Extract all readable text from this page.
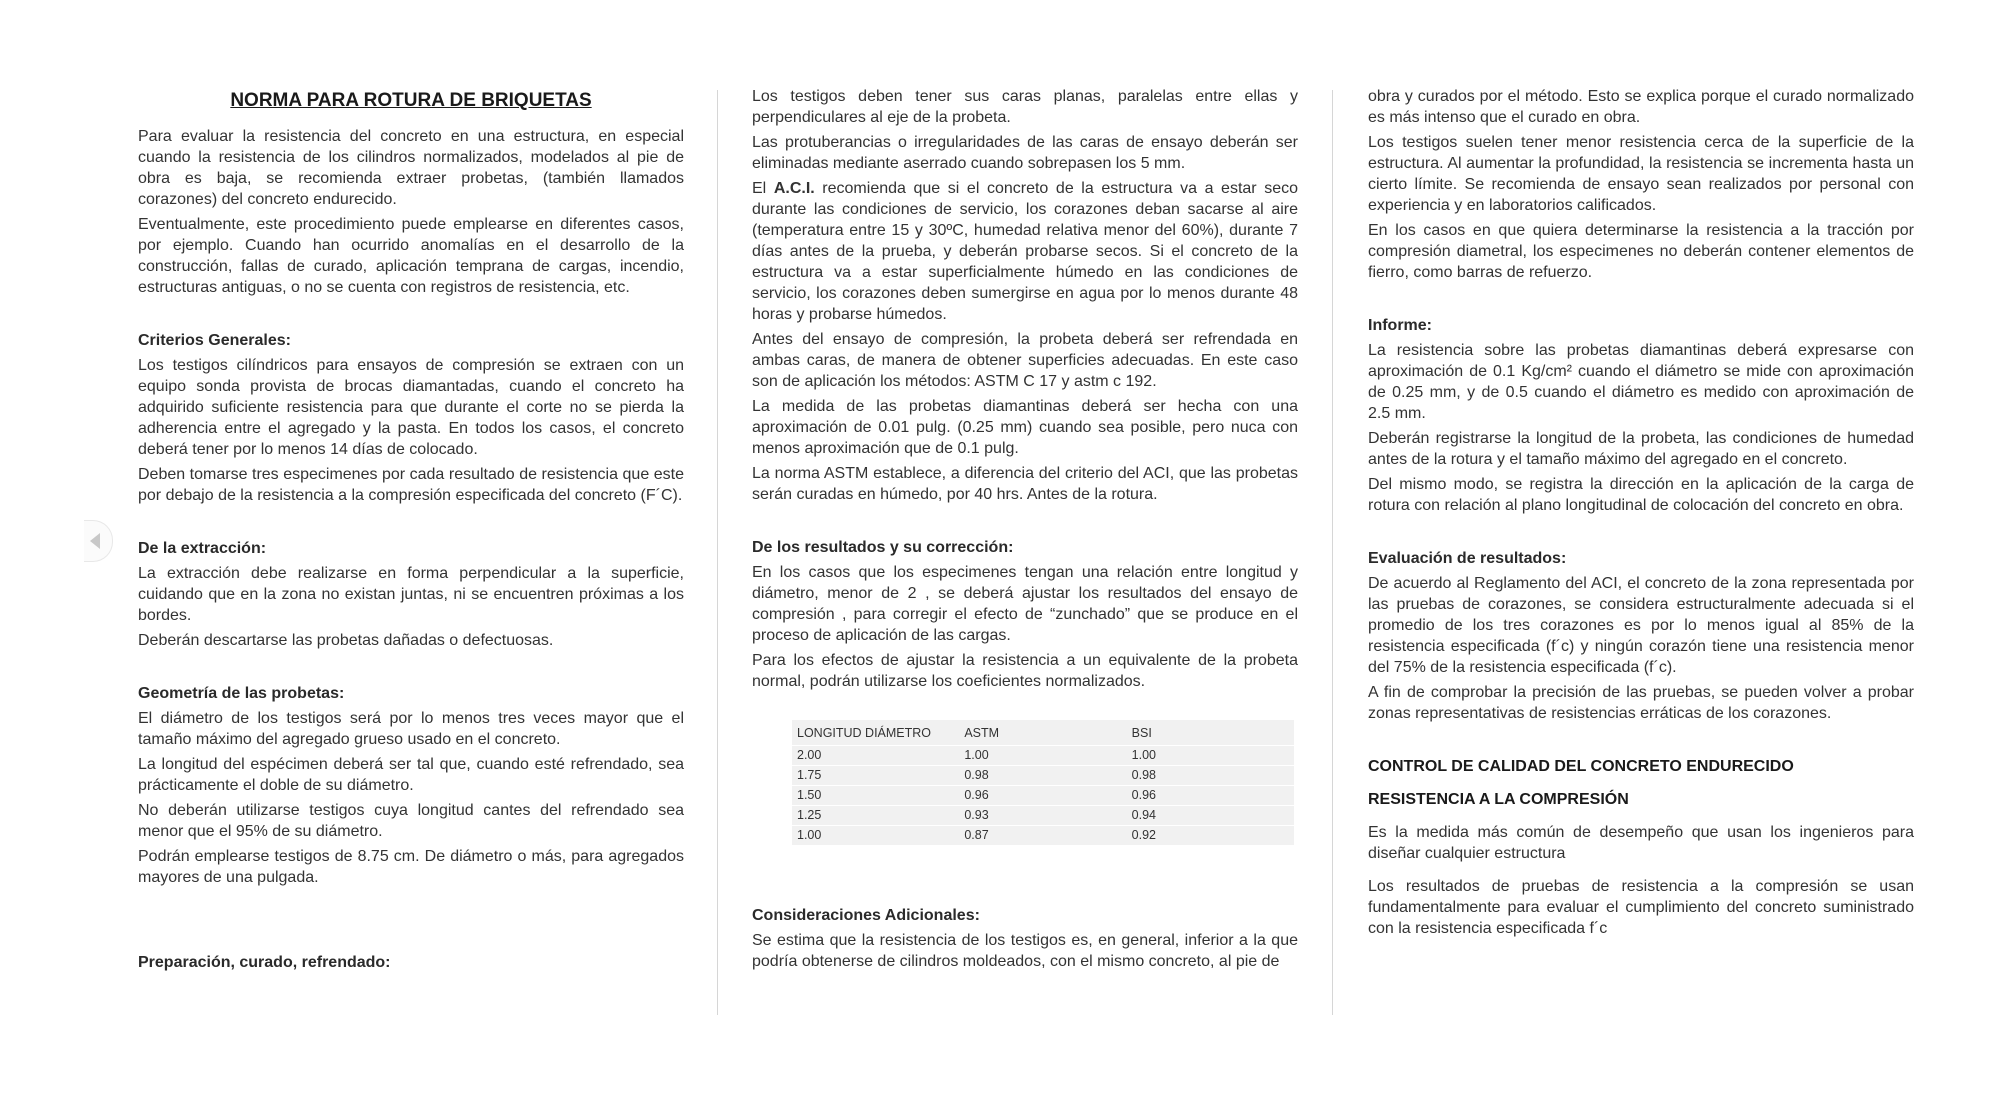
NORMA PARA ROTURA DE BRIQUETAS

Para evaluar la resistencia del concreto en una estructura, en especial cuando la resistencia de los cilindros normalizados, modelados al pie de obra es baja, se recomienda extraer probetas, (también llamados corazones) del concreto endurecido.

Eventualmente, este procedimiento puede emplearse en diferentes casos, por ejemplo. Cuando han ocurrido anomalías en el desarrollo de la construcción, fallas de curado, aplicación temprana de cargas, incendio, estructuras antiguas, o no se cuenta con registros de resistencia, etc.

Criterios Generales:

Los testigos cilíndricos para ensayos de compresión se extraen con un equipo sonda provista de brocas diamantadas, cuando el concreto ha adquirido suficiente resistencia para que durante el corte no se pierda la adherencia entre el agregado y la pasta. En todos los casos, el concreto deberá tener por lo menos 14 días de colocado.

Deben tomarse tres especimenes por cada resultado de resistencia que este por debajo de la resistencia a la compresión especificada del concreto (F´C).

De la extracción:

La extracción debe realizarse en forma perpendicular a la superficie, cuidando que en la zona no existan juntas, ni se encuentren próximas a los bordes.

Deberán descartarse las probetas dañadas o defectuosas.

Geometría de las probetas:

El diámetro de los testigos será por lo menos tres veces mayor que el tamaño máximo del agregado grueso usado en el concreto.

La longitud del espécimen deberá ser tal que, cuando esté refrendado, sea prácticamente el doble de su diámetro.

No deberán utilizarse testigos cuya longitud cantes del refrendado sea menor que el 95% de su diámetro.

Podrán emplearse testigos de 8.75 cm. De diámetro o más, para agregados mayores de una pulgada.

Preparación, curado, refrendado:

Los testigos deben tener sus caras planas, paralelas entre ellas y perpendiculares al eje de la probeta.

Las protuberancias o irregularidades de las caras de ensayo deberán ser eliminadas mediante aserrado cuando sobrepasen los 5 mm.

El A.C.I. recomienda que si el concreto de la estructura va a estar seco durante las condiciones de servicio, los corazones deban sacarse al aire (temperatura entre 15 y 30ºC, humedad relativa menor del 60%), durante 7 días antes de la prueba, y deberán probarse secos. Si el concreto de la estructura va a estar superficialmente húmedo en las condiciones de servicio, los corazones deben sumergirse en agua por lo menos durante 48 horas y probarse húmedos.

Antes del ensayo de compresión, la probeta deberá ser refrendada en ambas caras, de manera de obtener superficies adecuadas. En este caso son de aplicación los métodos: ASTM C 17 y astm c 192.

La medida de las probetas diamantinas deberá ser hecha con una aproximación de 0.01 pulg. (0.25 mm) cuando sea posible, pero nuca con menos aproximación que de 0.1 pulg.

La norma ASTM establece, a diferencia del criterio del ACI, que las probetas serán curadas en húmedo, por 40 hrs. Antes de la rotura.

De los resultados y su corrección:

En los casos que los especimenes tengan una relación entre longitud y diámetro, menor de 2 , se deberá ajustar los resultados del ensayo de compresión , para corregir el efecto de “zunchado” que se produce en el proceso de aplicación de las cargas.

Para los efectos de ajustar la resistencia a un equivalente de la probeta normal, podrán utilizarse los coeficientes normalizados.

LONGITUD DIÁMETRO	ASTM	BSI
2.00	1.00	1.00
1.75	0.98	0.98
1.50	0.96	0.96
1.25	0.93	0.94
1.00	0.87	0.92

Consideraciones Adicionales:

Se estima que la resistencia de los testigos es, en general, inferior a la que podría obtenerse de cilindros moldeados, con el mismo concreto, al pie de

obra y curados por el método. Esto se explica porque el curado normalizado es más intenso que el curado en obra.

Los testigos suelen tener menor resistencia cerca de la superficie de la estructura. Al aumentar la profundidad, la resistencia se incrementa hasta un cierto límite. Se recomienda de ensayo sean realizados por personal con experiencia y en laboratorios calificados.

En los casos en que quiera determinarse la resistencia a la tracción por compresión diametral, los especimenes no deberán contener elementos de fierro, como barras de refuerzo.

Informe:

La resistencia sobre las probetas diamantinas deberá expresarse con aproximación de 0.1 Kg/cm² cuando el diámetro se mide con aproximación de 0.25 mm, y de 0.5 cuando el diámetro es medido con aproximación de 2.5 mm.

Deberán registrarse la longitud de la probeta, las condiciones de humedad antes de la rotura y el tamaño máximo del agregado en el concreto.

Del mismo modo, se registra la dirección en la aplicación de la carga de rotura con relación al plano longitudinal de colocación del concreto en obra.

Evaluación de resultados:

De acuerdo al Reglamento del ACI, el concreto de la zona representada por las pruebas de corazones, se considera estructuralmente adecuada si el promedio de los tres corazones es por lo menos igual al 85% de la resistencia especificada (f´c) y ningún corazón tiene una resistencia menor del 75% de la resistencia especificada (f´c).

A fin de comprobar la precisión de las pruebas, se pueden volver a probar zonas representativas de resistencias erráticas de los corazones.

CONTROL DE CALIDAD DEL CONCRETO ENDURECIDO

RESISTENCIA A LA COMPRESIÓN

Es la medida más común de desempeño que usan los ingenieros para diseñar cualquier estructura

Los resultados de pruebas de resistencia a la compresión se usan fundamentalmente para evaluar el cumplimiento del concreto suministrado con la resistencia especificada f´c
